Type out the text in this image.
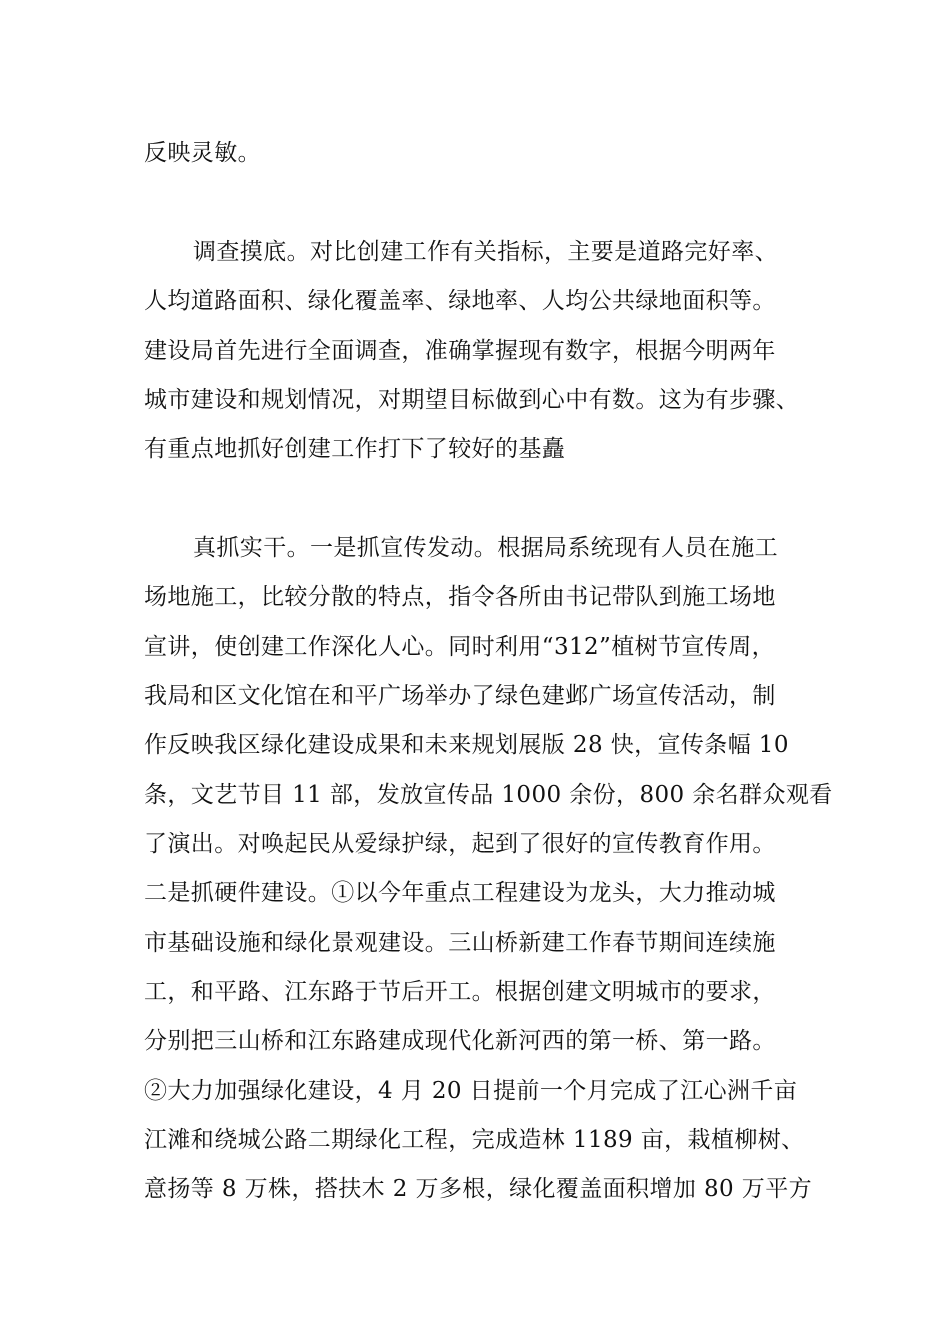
反映灵敏。
调查摸底。对比创建工作有关指标，主要是道路完好率、
人均道路面积、绿化覆盖率、绿地率、人均公共绿地面积等。
建设局首先进行全面调查，准确掌握现有数字，根据今明两年
城市建设和规划情况，对期望目标做到心中有数。这为有步骤、
有重点地抓好创建工作打下了较好的基矗
真抓实干。一是抓宣传发动。根据局系统现有人员在施工
场地施工，比较分散的特点，指令各所由书记带队到施工场地
宣讲，使创建工作深化人心。同时利用“312”植树节宣传周，
我局和区文化馆在和平广场举办了绿色建邺广场宣传活动，制
作反映我区绿化建设成果和未来规划展版 28 快，宣传条幅 10
条，文艺节目 11 部，发放宣传品 1000 余份，800 余名群众观看
了演出。对唤起民从爱绿护绿，起到了很好的宣传教育作用。
二是抓硬件建设。①以今年重点工程建设为龙头，大力推动城
市基础设施和绿化景观建设。三山桥新建工作春节期间连续施
工，和平路、江东路于节后开工。根据创建文明城市的要求，
分别把三山桥和江东路建成现代化新河西的第一桥、第一路。
②大力加强绿化建设，4 月 20 日提前一个月完成了江心洲千亩
江滩和绕城公路二期绿化工程，完成造林 1189 亩，栽植柳树、
意扬等 8 万株，搭扶木 2 万多根，绿化覆盖面积增加 80 万平方
